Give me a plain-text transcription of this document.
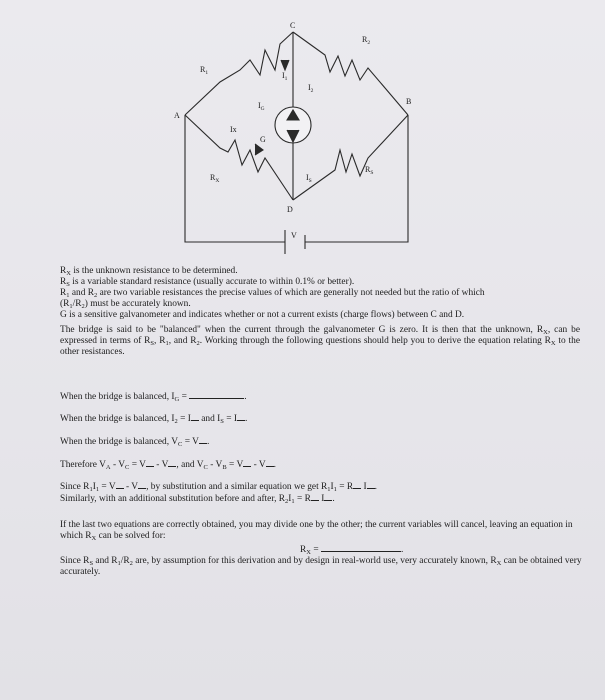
C
$R_2$
$R_1$
A
B
$I_1$
$I_2$
$I_G$
Ix
G
$R_X$
$R_S$
$I_S$
D
V

$R_X$ is the unknown resistance to be determined.

$R_S$ is a variable standard resistance (usually accurate to within 0.1% or better).

$R_1$ and $R_2$ are two variable resistances the precise values of which are generally not needed but the ratio of which

$(R_1/R_2)$ must be accurately known.

G is a sensitive galvanometer and indicates whether or not a current exists (charge flows) between C and D.

The bridge is said to be "balanced" when the current through the galvanometer G is zero. It is then that the unknown, $R_X$, can be expressed in terms of $R_S$, $R_1$, and $R_2$. Working through the following questions should help you to derive the equation relating $R_X$ to the other resistances.
When the bridge is balanced, $I_G$ =	.
When the bridge is balanced, $I_2 = I$ and $I_S = I$ .
When the bridge is balanced, $V_C = V$ .
Therefore $V_A - V_C = V - V$ , and $V_C - V_B = V - V$ .
Since $R_1I_1 = V - V$ , by substitution and a similar equation we get $R_1I_1 = R$ I .
Similarly, with an additional substitution before and after, $R_2I_1 = R$ I .
If the last two equations are correctly obtained, you may divide one by the other; the current variables will cancel, leaving an equation in which $R_X$ can be solved for:
$R_X$ =	.
Since $R_S$ and $R_1/R_2$ are, by assumption for this derivation and by design in real-world use, very accurately known, $R_X$ can be obtained very accurately.
